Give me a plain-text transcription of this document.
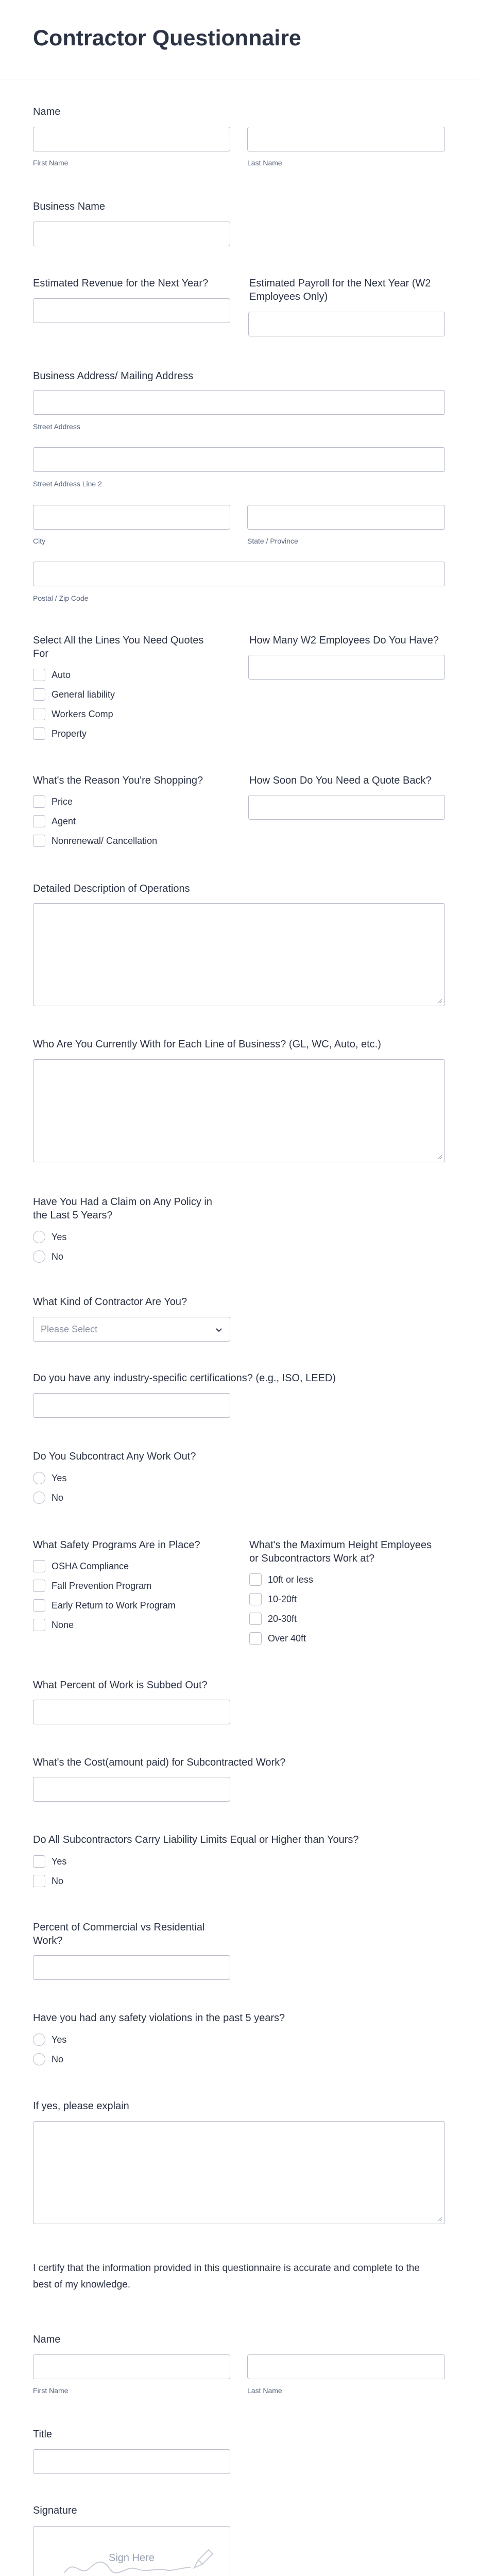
Contractor Questionnaire
Name
First Name	Last Name
Business Name
Estimated Revenue for the Next Year?	Estimated Payroll for the Next Year (W2
Employees Only)
Business Address/ Mailing Address
Street Address
Street Address Line 2
City	State / Province
Postal / Zip Code
Select All the Lines You Need Quotes
For
Auto
General liability
Workers Comp
Property
How Many W2 Employees Do You Have?
What's the Reason You're Shopping?
Price
Agent
Nonrenewal/ Cancellation
How Soon Do You Need a Quote Back?
Detailed Description of Operations
Who Are You Currently With for Each Line of Business? (GL, WC, Auto, etc.)
Have You Had a Claim on Any Policy in
the Last 5 Years?
Yes
No
What Kind of Contractor Are You?
Please Select
Do you have any industry-specific certifications? (e.g., ISO, LEED)
Do You Subcontract Any Work Out?
Yes
No
What Safety Programs Are in Place?
OSHA Compliance
Fall Prevention Program
Early Return to Work Program
None
What's the Maximum Height Employees
or Subcontractors Work at?
10ft or less
10-20ft
20-30ft
Over 40ft
What Percent of Work is Subbed Out?
What's the Cost(amount paid) for Subcontracted Work?
Do All Subcontractors Carry Liability Limits Equal or Higher than Yours?
Yes
No
Percent of Commercial vs Residential
Work?
Have you had any safety violations in the past 5 years?
Yes
No
If yes, please explain
I certify that the information provided in this questionnaire is accurate and complete to the
best of my knowledge.
Name
First Name	Last Name
Title
Signature
Sign Here
